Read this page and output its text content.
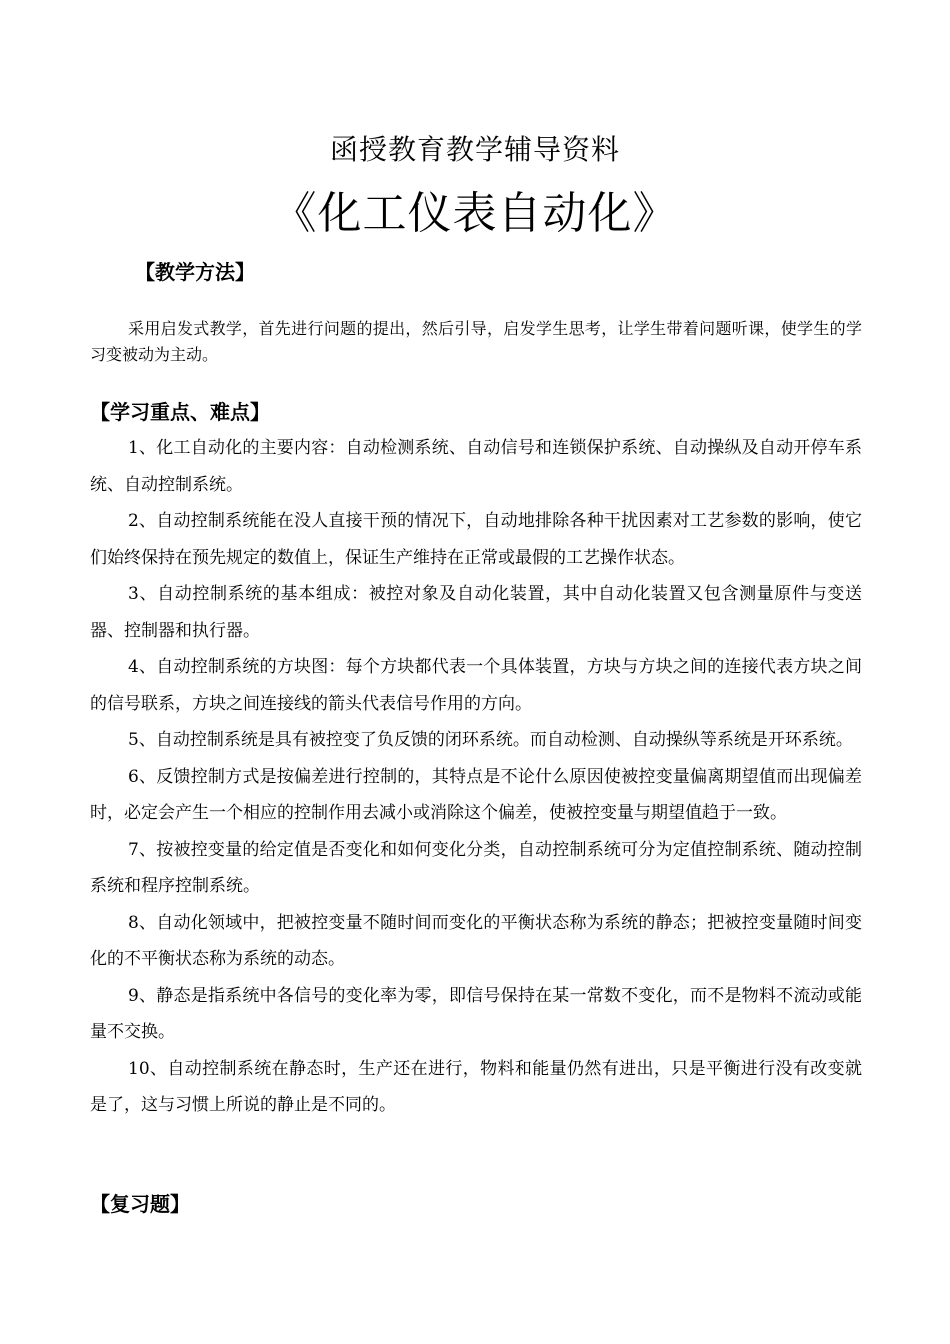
函授教育教学辅导资料
《化工仪表自动化》
【教学方法】

采用启发式教学，首先进行问题的提出，然后引导，启发学生思考，让学生带着问题听课，使学生的学习变被动为主动。

【学习重点、难点】
1、化工自动化的主要内容：自动检测系统、自动信号和连锁保护系统、自动操纵及自动开停车系统、自动控制系统。
2、自动控制系统能在没人直接干预的情况下，自动地排除各种干扰因素对工艺参数的影响，使它们始终保持在预先规定的数值上，保证生产维持在正常或最假的工艺操作状态。
3、自动控制系统的基本组成：被控对象及自动化装置，其中自动化装置又包含测量原件与变送器、控制器和执行器。
4、自动控制系统的方块图：每个方块都代表一个具体装置，方块与方块之间的连接代表方块之间的信号联系，方块之间连接线的箭头代表信号作用的方向。
5、自动控制系统是具有被控变了负反馈的闭环系统。而自动检测、自动操纵等系统是开环系统。
6、反馈控制方式是按偏差进行控制的，其特点是不论什么原因使被控变量偏离期望值而出现偏差时，必定会产生一个相应的控制作用去减小或消除这个偏差，使被控变量与期望值趋于一致。
7、按被控变量的给定值是否变化和如何变化分类，自动控制系统可分为定值控制系统、随动控制系统和程序控制系统。
8、自动化领域中，把被控变量不随时间而变化的平衡状态称为系统的静态；把被控变量随时间变化的不平衡状态称为系统的动态。
9、静态是指系统中各信号的变化率为零，即信号保持在某一常数不变化，而不是物料不流动或能量不交换。
10、自动控制系统在静态时，生产还在进行，物料和能量仍然有进出，只是平衡进行没有改变就是了，这与习惯上所说的静止是不同的。
【复习题】
